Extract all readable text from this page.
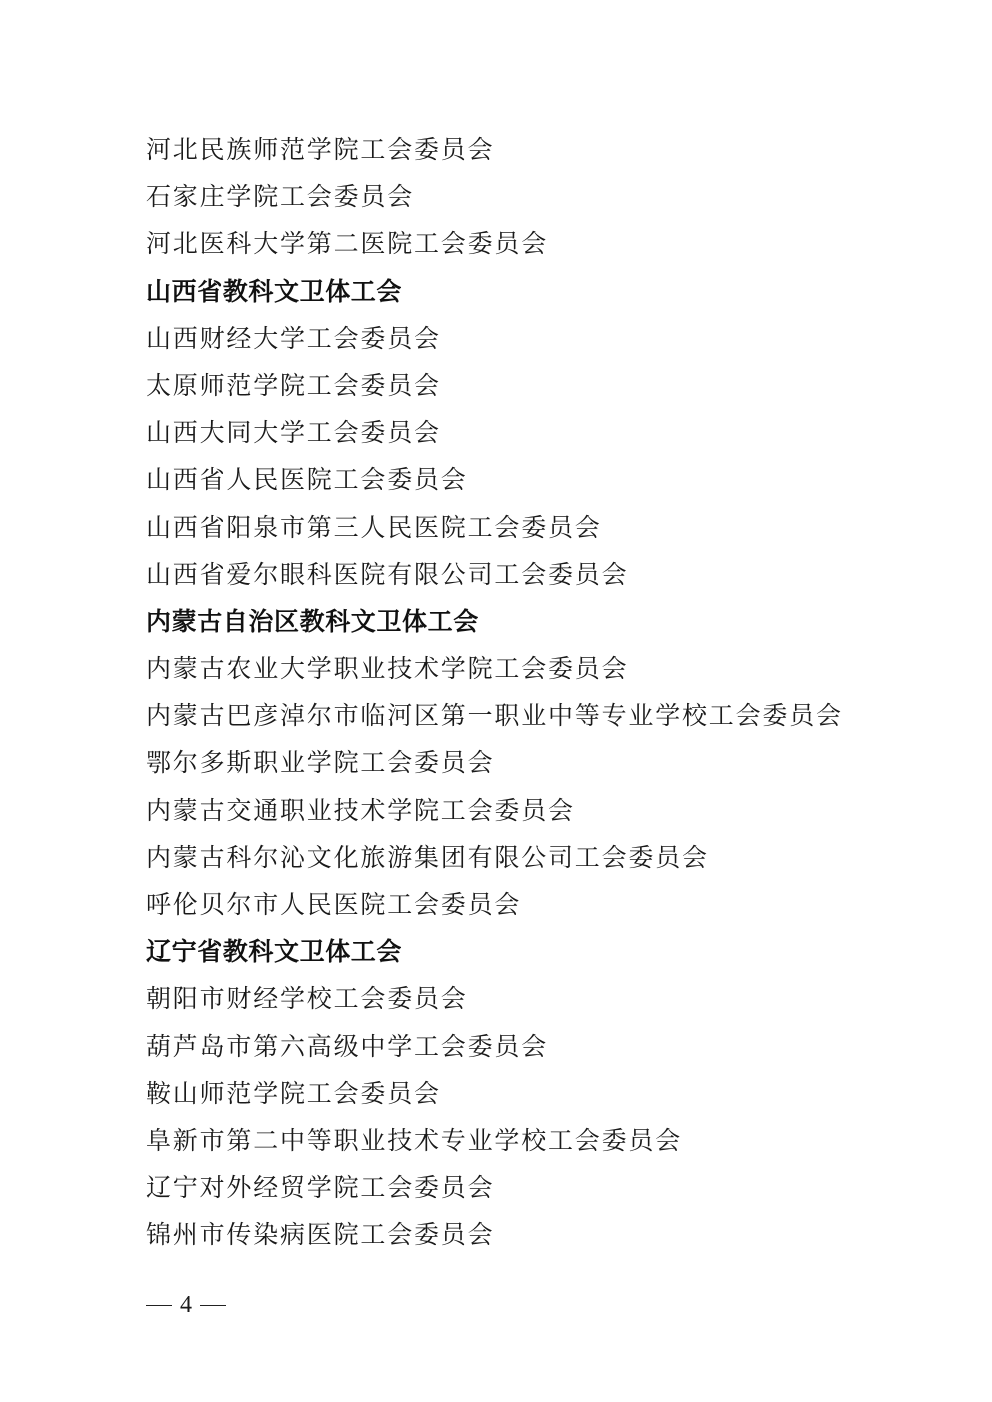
河北民族师范学院工会委员会
石家庄学院工会委员会
河北医科大学第二医院工会委员会
山西省教科文卫体工会
山西财经大学工会委员会
太原师范学院工会委员会
山西大同大学工会委员会
山西省人民医院工会委员会
山西省阳泉市第三人民医院工会委员会
山西省爱尔眼科医院有限公司工会委员会
内蒙古自治区教科文卫体工会
内蒙古农业大学职业技术学院工会委员会
内蒙古巴彦淖尔市临河区第一职业中等专业学校工会委员会
鄂尔多斯职业学院工会委员会
内蒙古交通职业技术学院工会委员会
内蒙古科尔沁文化旅游集团有限公司工会委员会
呼伦贝尔市人民医院工会委员会
辽宁省教科文卫体工会
朝阳市财经学校工会委员会
葫芦岛市第六高级中学工会委员会
鞍山师范学院工会委员会
阜新市第二中等职业技术专业学校工会委员会
辽宁对外经贸学院工会委员会
锦州市传染病医院工会委员会
4
